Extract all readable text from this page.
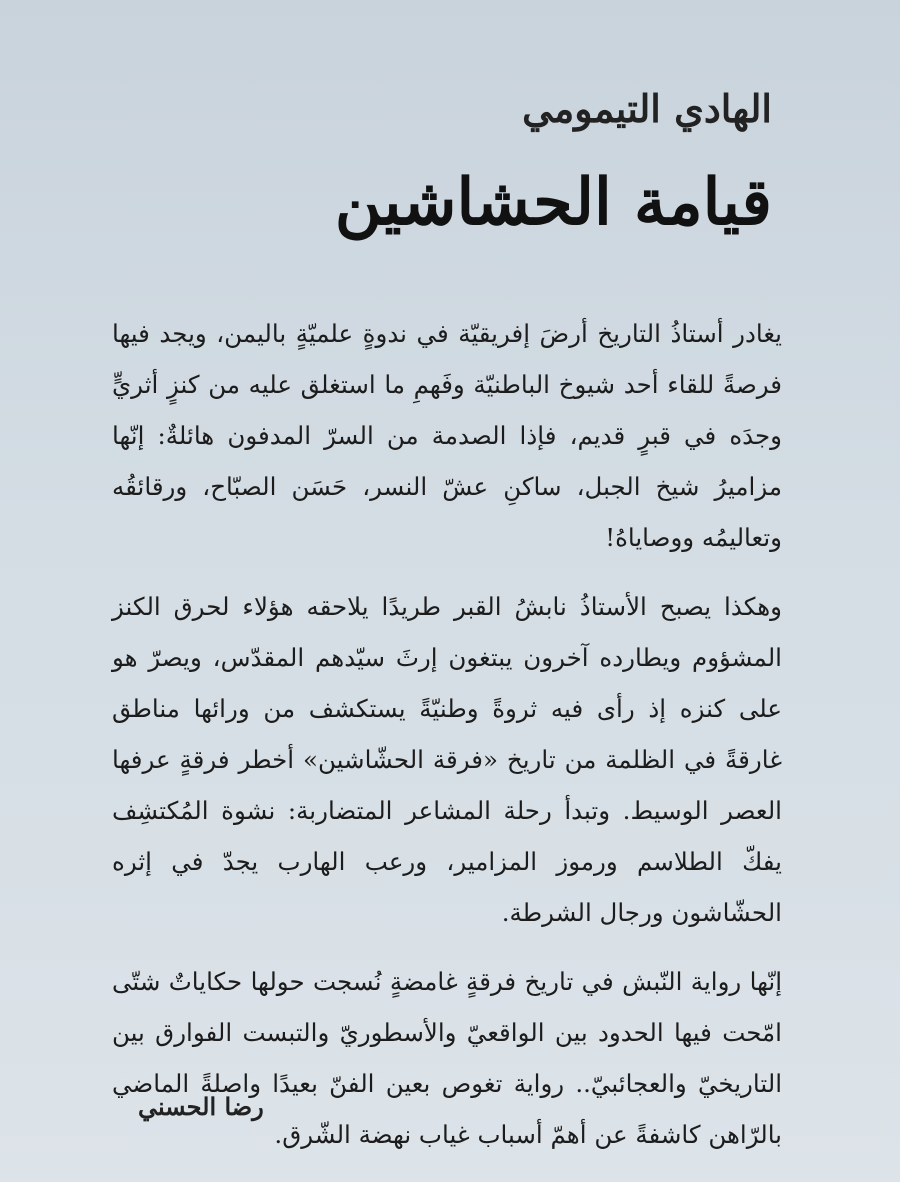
الهادي التيمومي
قيامة الحشاشين

يغادر أستاذُ التاريخ أرضَ إفريقيّة في ندوةٍ علميّةٍ باليمن، ويجد فيها فرصةً للقاء أحد شيوخ الباطنيّة وفَهمِ ما استغلق عليه من كنزٍ أثريٍّ وجدَه في قبرٍ قديم، فإذا الصدمة من السرّ المدفون هائلةٌ: إنّها مزاميرُ شيخ الجبل، ساكنِ عشّ النسر، حَسَن الصبّاح، ورقائقُه وتعاليمُه ووصاياهُ!

وهكذا يصبح الأستاذُ نابشُ القبر طريدًا يلاحقه هؤلاء لحرق الكنز المشؤوم ويطارده آخرون يبتغون إرثَ سيّدهم المقدّس، ويصرّ هو على كنزه إذ رأى فيه ثروةً وطنيّةً يستكشف من ورائها مناطق غارقةً في الظلمة من تاريخ «فرقة الحشّاشين» أخطر فرقةٍ عرفها العصر الوسيط. وتبدأ رحلة المشاعر المتضاربة: نشوة المُكتشِف يفكّ الطلاسم ورموز المزامير، ورعب الهارب يجدّ في إثره الحشّاشون ورجال الشرطة.

إنّها رواية النّبش في تاريخ فرقةٍ غامضةٍ نُسجت حولها حكاياتٌ شتّى امّحت فيها الحدود بين الواقعيّ والأسطوريّ والتبست الفوارق بين التاريخيّ والعجائبيّ.. رواية تغوص بعين الفنّ بعيدًا واصلةً الماضي بالرّاهن كاشفةً عن أهمّ أسباب غياب نهضة الشّرق.

رضا الحسني
